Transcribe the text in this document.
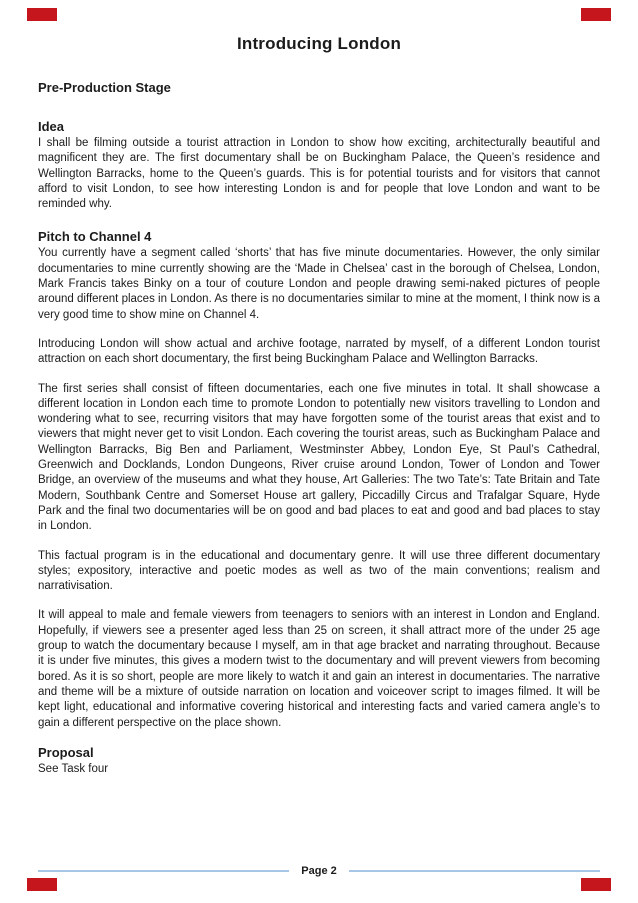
Introducing London
Pre-Production Stage
Idea

I shall be filming outside a tourist attraction in London to show how exciting, architecturally beautiful and magnificent they are. The first documentary shall be on Buckingham Palace, the Queen’s residence and Wellington Barracks, home to the Queen’s guards. This is for potential tourists and for visitors that cannot afford to visit London, to see how interesting London is and for people that love London and want to be reminded why.

Pitch to Channel 4

You currently have a segment called ‘shorts’ that has five minute documentaries. However, the only similar documentaries to mine currently showing are the ‘Made in Chelsea’ cast in the borough of Chelsea, London, Mark Francis takes Binky on a tour of couture London and people drawing semi-naked pictures of people around different places in London. As there is no documentaries similar to mine at the moment, I think now is a very good time to show mine on Channel 4.

Introducing London will show actual and archive footage, narrated by myself, of a different London tourist attraction on each short documentary, the first being Buckingham Palace and Wellington Barracks.

The first series shall consist of fifteen documentaries, each one five minutes in total. It shall showcase a different location in London each time to promote London to potentially new visitors travelling to London and wondering what to see, recurring visitors that may have forgotten some of the tourist areas that exist and to viewers that might never get to visit London. Each covering the tourist areas, such as Buckingham Palace and Wellington Barracks, Big Ben and Parliament, Westminster Abbey, London Eye, St Paul’s Cathedral, Greenwich and Docklands, London Dungeons, River cruise around London, Tower of London and Tower Bridge, an overview of the museums and what they house, Art Galleries: The two Tate’s: Tate Britain and Tate Modern, Southbank Centre and Somerset House art gallery, Piccadilly Circus and Trafalgar Square, Hyde Park and the final two documentaries will be on good and bad places to eat and good and bad places to stay in London.

This factual program is in the educational and documentary genre. It will use three different documentary styles; expository, interactive and poetic modes as well as two of the main conventions; realism and narrativisation.

It will appeal to male and female viewers from teenagers to seniors with an interest in London and England. Hopefully, if viewers see a presenter aged less than 25 on screen, it shall attract more of the under 25 age group to watch the documentary because I myself, am in that age bracket and narrating throughout. Because it is under five minutes, this gives a modern twist to the documentary and will prevent viewers from becoming bored. As it is so short, people are more likely to watch it and gain an interest in documentaries. The narrative and theme will be a mixture of outside narration on location and voiceover script to images filmed. It will be kept light, educational and informative covering historical and interesting facts and varied camera angle’s to gain a different perspective on the place shown.

Proposal

See Task four

Page 2
